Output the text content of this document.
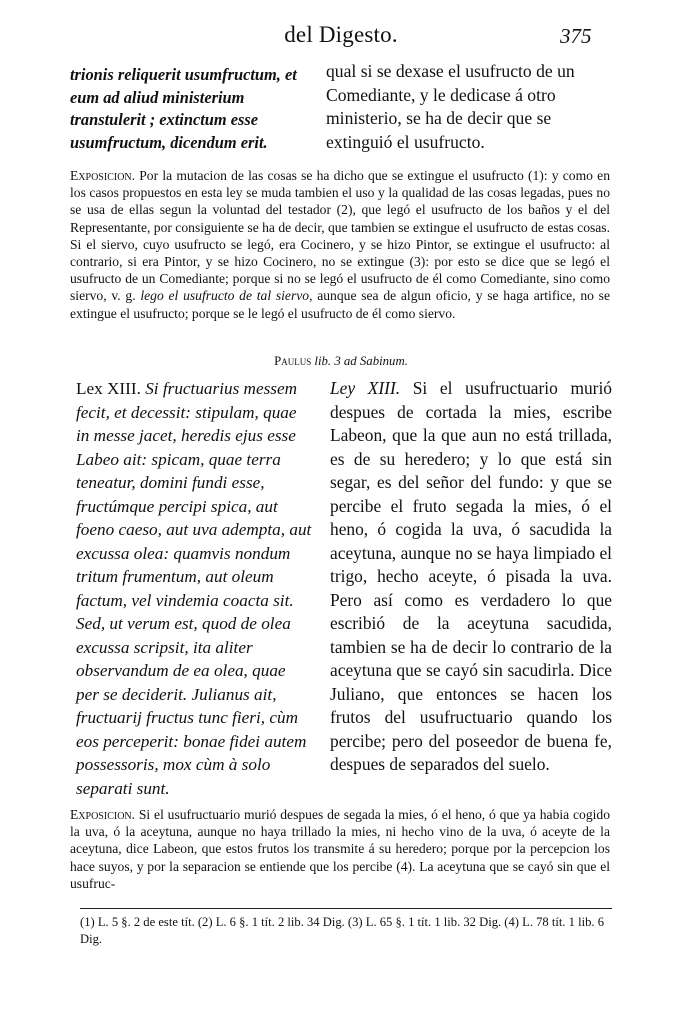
del Digesto.	375

trionis reliquerit usumfructum, et eum ad aliud ministerium transtulerit ; extinctum esse usumfructum, dicendum erit.

qual si se dexase el usufructo de un Comediante, y le dedicase á otro ministerio, se ha de decir que se extinguió el usufructo.

Exposicion. Por la mutacion de las cosas se ha dicho que se extingue el usufructo (1): y como en los casos propuestos en esta ley se muda tambien el uso y la qualidad de las cosas legadas, pues no se usa de ellas segun la voluntad del testador (2), que legó el usufructo de los baños y el del Representante, por consiguiente se ha de decir, que tambien se extingue el usufructo de estas cosas. Si el siervo, cuyo usufructo se legó, era Cocinero, y se hizo Pintor, se extingue el usufructo: al contrario, si era Pintor, y se hizo Cocinero, no se extingue (3): por esto se dice que se legó el usufructo de un Comediante; porque si no se legó el usufructo de él como Comediante, sino como siervo, v. g. lego el usufructo de tal siervo, aunque sea de algun oficio, y se haga artifice, no se extingue el usufructo; porque se le legó el usufructo de él como siervo.

Paulus lib. 3 ad Sabinum.

Lex XIII. Si fructuarius messem fecit, et decessit: stipulam, quae in messe jacet, heredis ejus esse Labeo ait: spicam, quae terra teneatur, domini fundi esse, fructúmque percipi spica, aut foeno caeso, aut uva adempta, aut excussa olea: quamvis nondum tritum frumentum, aut oleum factum, vel vindemia coacta sit. Sed, ut verum est, quod de olea excussa scripsit, ita aliter observandum de ea olea, quae per se deciderit. Julianus ait, fructuarij fructus tunc fieri, cùm eos perceperit: bonae fidei autem possessoris, mox cùm à solo separati sunt.

Ley XIII. Si el usufructuario murió despues de cortada la mies, escribe Labeon, que la que aun no está trillada, es de su heredero; y lo que está sin segar, es del señor del fundo: y que se percibe el fruto segada la mies, ó el heno, ó cogida la uva, ó sacudida la aceytuna, aunque no se haya limpiado el trigo, hecho aceyte, ó pisada la uva. Pero así como es verdadero lo que escribió de la aceytuna sacudida, tambien se ha de decir lo contrario de la aceytuna que se cayó sin sacudirla. Dice Juliano, que entonces se hacen los frutos del usufructuario quando los percibe; pero del poseedor de buena fe, despues de separados del suelo.

Exposicion. Si el usufructuario murió despues de segada la mies, ó el heno, ó que ya habia cogido la uva, ó la aceytuna, aunque no haya trillado la mies, ni hecho vino de la uva, ó aceyte de la aceytuna, dice Labeon, que estos frutos los transmite á su heredero; porque por la percepcion los hace suyos, y por la separacion se entiende que los percibe (4). La aceytuna que se cayó sin que el usufruc-

(1) L. 5 §. 2 de este tít. (2) L. 6 §. 1 tít. 2 lib. 34 Dig. (3) L. 65 §. 1 tít. 1 lib. 32 Dig. (4) L. 78 tít. 1 lib. 6 Dig.
